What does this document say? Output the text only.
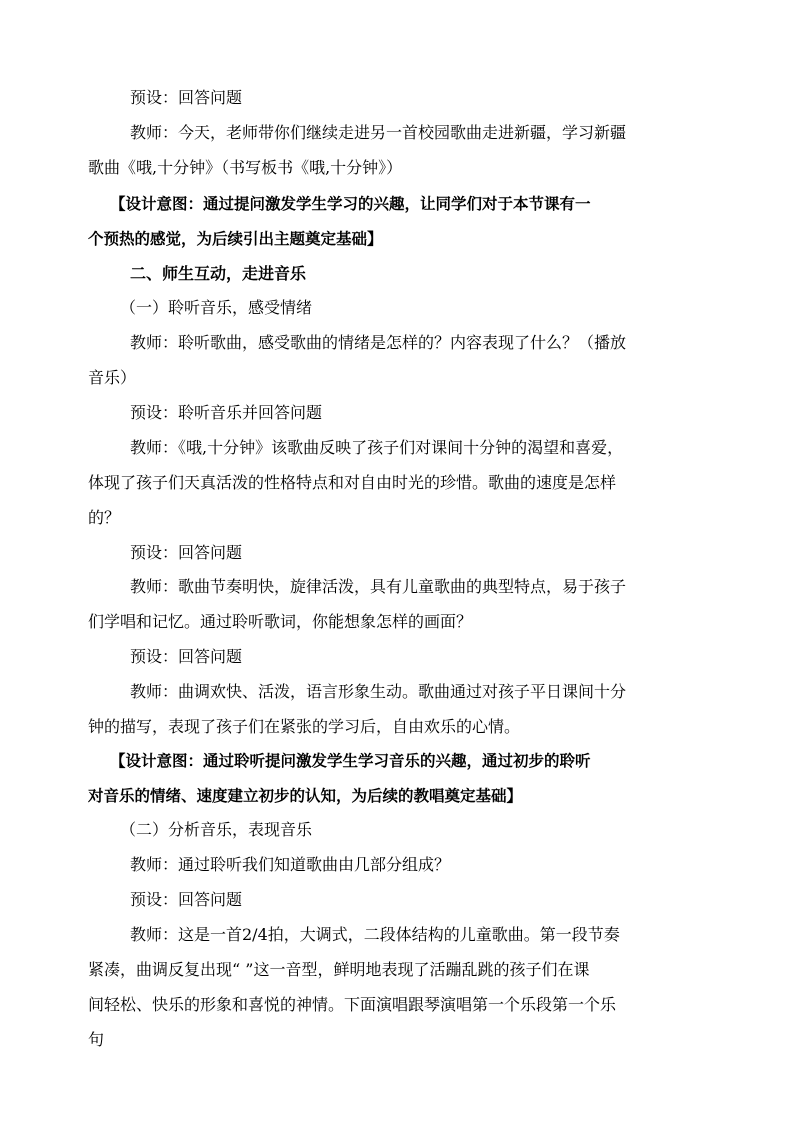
预设：回答问题

教师：今天，老师带你们继续走进另一首校园歌曲走进新疆，学习新疆

歌曲《哦,十分钟》（书写板书《哦,十分钟》）

【设计意图：通过提问激发学生学习的兴趣，让同学们对于本节课有一

个预热的感觉，为后续引出主题奠定基础】

二、师生互动，走进音乐

（一）聆听音乐，感受情绪

教师：聆听歌曲，感受歌曲的情绪是怎样的？内容表现了什么？（播放

音乐）

预设：聆听音乐并回答问题

教师：《哦,十分钟》该歌曲反映了孩子们对课间十分钟的渴望和喜爱，

体现了孩子们天真活泼的性格特点和对自由时光的珍惜。歌曲的速度是怎样

的？

预设：回答问题

教师：歌曲节奏明快，旋律活泼，具有儿童歌曲的典型特点，易于孩子

们学唱和记忆。通过聆听歌词，你能想象怎样的画面？

预设：回答问题

教师：曲调欢快、活泼，语言形象生动。歌曲通过对孩子平日课间十分

钟的描写，表现了孩子们在紧张的学习后，自由欢乐的心情。

【设计意图：通过聆听提问激发学生学习音乐的兴趣，通过初步的聆听

对音乐的情绪、速度建立初步的认知，为后续的教唱奠定基础】

（二）分析音乐，表现音乐

教师：通过聆听我们知道歌曲由几部分组成？

预设：回答问题

教师：这是一首2/4拍，大调式，二段体结构的儿童歌曲。第一段节奏

紧凑，曲调反复出现“ ”这一音型，鲜明地表现了活蹦乱跳的孩子们在课

间轻松、快乐的形象和喜悦的神情。下面演唱跟琴演唱第一个乐段第一个乐

句
